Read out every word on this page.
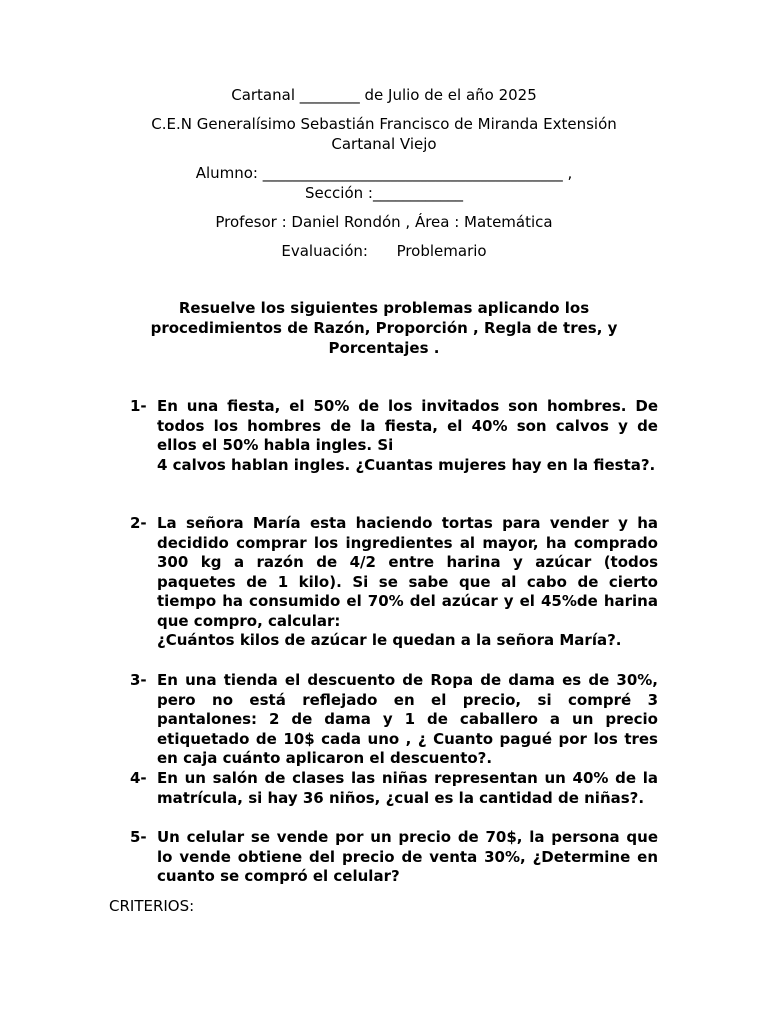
Cartanal ________ de Julio de el año 2025
C.E.N Generalísimo Sebastián Francisco de Miranda Extensión
Cartanal Viejo
Alumno: ________________________________________ ,
Sección :____________
Profesor : Daniel Rondón , Área : Matemática
Evaluación:      Problemario
Resuelve los siguientes problemas aplicando los
procedimientos de Razón, Proporción , Regla de tres, y
Porcentajes .
1- En una fiesta, el 50% de los invitados son hombres. De todos los hombres de la fiesta, el 40% son calvos y de ellos el 50% habla ingles. Si
4 calvos hablan ingles. ¿Cuantas mujeres hay en la fiesta?.
2- La señora María esta haciendo tortas para vender y ha decidido comprar los ingredientes al mayor, ha comprado 300 kg a razón de 4/2 entre harina y azúcar (todos paquetes de 1 kilo). Si se sabe que al cabo de cierto tiempo ha consumido el 70% del azúcar y el 45%de harina que compro, calcular:
¿Cuántos kilos de azúcar le quedan a la señora María?.
3- En una tienda el descuento de Ropa de dama es de 30%, pero no está reflejado en el precio, si compré 3 pantalones: 2 de dama y 1 de caballero a un precio etiquetado de 10$ cada uno , ¿ Cuanto pagué por los tres en caja cuánto aplicaron el descuento?.
4- En un salón de clases las niñas representan un 40% de la matrícula, si hay 36 niños, ¿cual es la cantidad de niñas?.
5- Un celular se vende por un precio de 70$, la persona que lo vende obtiene del precio de venta 30%, ¿Determine en cuanto se compró el celular?
CRITERIOS:
